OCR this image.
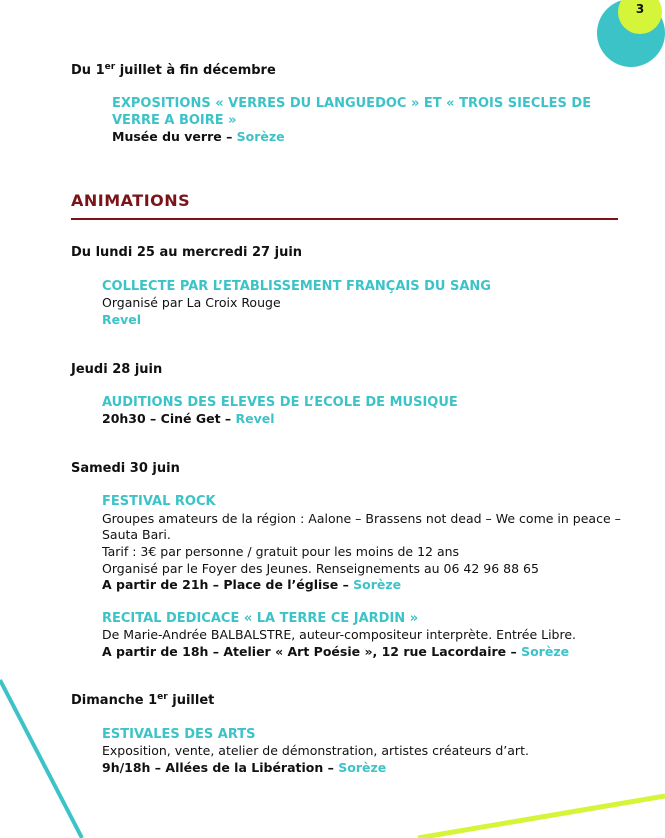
3
Du 1er juillet à fin décembre
EXPOSITIONS « VERRES DU LANGUEDOC » ET « TROIS SIECLES DE
VERRE A BOIRE »
Musée du verre – Sorèze
ANIMATIONS
Du lundi 25 au mercredi 27 juin
COLLECTE PAR L’ETABLISSEMENT FRANÇAIS DU SANG
Organisé par La Croix Rouge
Revel
Jeudi 28 juin
AUDITIONS DES ELEVES DE L’ECOLE DE MUSIQUE
20h30 – Ciné Get – Revel
Samedi 30 juin
FESTIVAL ROCK
Groupes amateurs de la région : Aalone – Brassens not dead – We come in peace –
Sauta Bari.
Tarif : 3€ par personne / gratuit pour les moins de 12 ans
Organisé par le Foyer des Jeunes. Renseignements au 06 42 96 88 65
A partir de 21h – Place de l’église – Sorèze
RECITAL DEDICACE « LA TERRE CE JARDIN »
De Marie-Andrée BALBALSTRE, auteur-compositeur interprète. Entrée Libre.
A partir de 18h – Atelier « Art Poésie », 12 rue Lacordaire – Sorèze
Dimanche 1er juillet
ESTIVALES DES ARTS
Exposition, vente, atelier de démonstration, artistes créateurs d’art.
9h/18h – Allées de la Libération – Sorèze
